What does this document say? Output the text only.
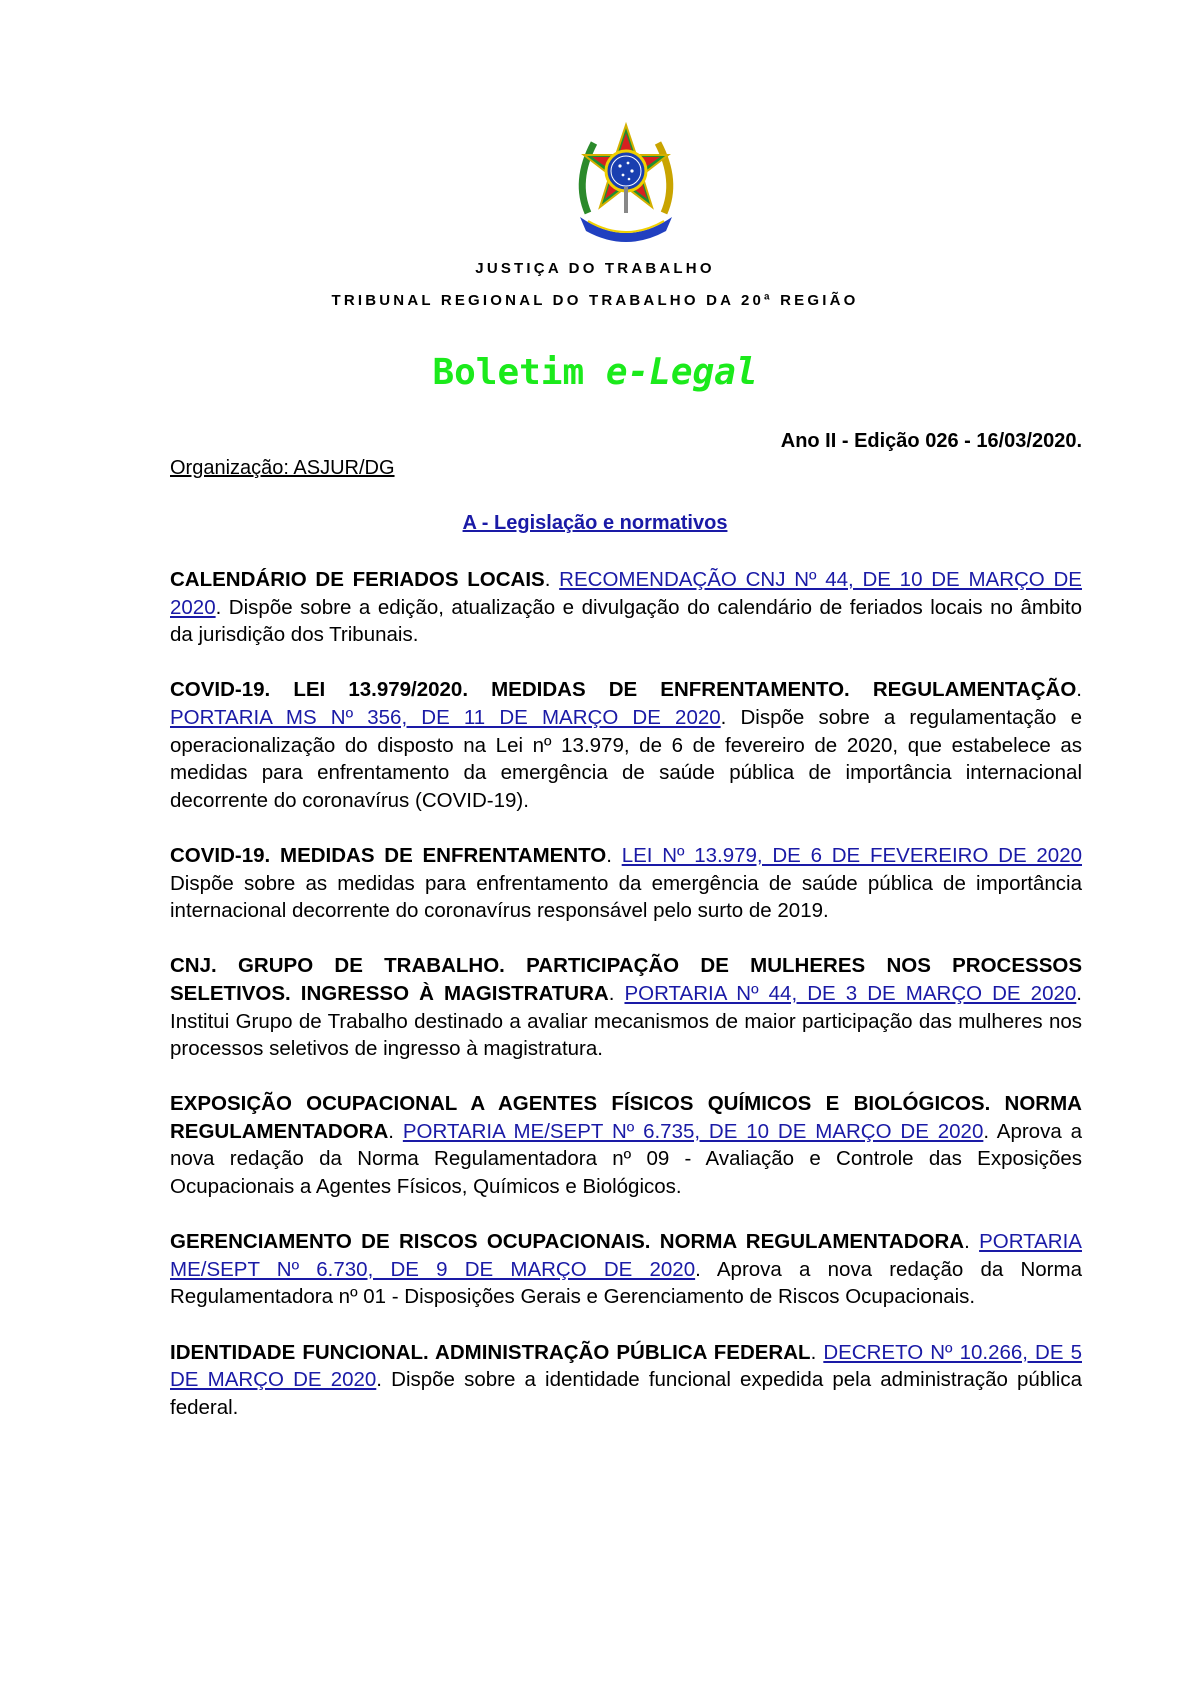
JUSTIÇA DO TRABALHO
TRIBUNAL REGIONAL DO TRABALHO DA 20ª REGIÃO
Boletim e-Legal
Ano II - Edição 026 - 16/03/2020.
Organização: ASJUR/DG
A - Legislação e normativos

CALENDÁRIO DE FERIADOS LOCAIS. RECOMENDAÇÃO CNJ Nº 44, DE 10 DE MARÇO DE 2020. Dispõe sobre a edição, atualização e divulgação do calendário de feriados locais no âmbito da jurisdição dos Tribunais.

COVID-19. LEI 13.979/2020. MEDIDAS DE ENFRENTAMENTO. REGULAMENTAÇÃO. PORTARIA MS Nº 356, DE 11 DE MARÇO DE 2020. Dispõe sobre a regulamentação e operacionalização do disposto na Lei nº 13.979, de 6 de fevereiro de 2020, que estabelece as medidas para enfrentamento da emergência de saúde pública de importância internacional decorrente do coronavírus (COVID-19).

COVID-19. MEDIDAS DE ENFRENTAMENTO. LEI Nº 13.979, DE 6 DE FEVEREIRO DE 2020 Dispõe sobre as medidas para enfrentamento da emergência de saúde pública de importância internacional decorrente do coronavírus responsável pelo surto de 2019.

CNJ. GRUPO DE TRABALHO. PARTICIPAÇÃO DE MULHERES NOS PROCESSOS SELETIVOS. INGRESSO À MAGISTRATURA. PORTARIA Nº 44, DE 3 DE MARÇO DE 2020. Institui Grupo de Trabalho destinado a avaliar mecanismos de maior participação das mulheres nos processos seletivos de ingresso à magistratura.

EXPOSIÇÃO OCUPACIONAL A AGENTES FÍSICOS QUÍMICOS E BIOLÓGICOS. NORMA REGULAMENTADORA. PORTARIA ME/SEPT Nº 6.735, DE 10 DE MARÇO DE 2020. Aprova a nova redação da Norma Regulamentadora nº 09 - Avaliação e Controle das Exposições Ocupacionais a Agentes Físicos, Químicos e Biológicos.

GERENCIAMENTO DE RISCOS OCUPACIONAIS. NORMA REGULAMENTADORA. PORTARIA ME/SEPT Nº 6.730, DE 9 DE MARÇO DE 2020. Aprova a nova redação da Norma Regulamentadora nº 01 - Disposições Gerais e Gerenciamento de Riscos Ocupacionais.

IDENTIDADE FUNCIONAL. ADMINISTRAÇÃO PÚBLICA FEDERAL. DECRETO Nº 10.266, DE 5 DE MARÇO DE 2020. Dispõe sobre a identidade funcional expedida pela administração pública federal.
